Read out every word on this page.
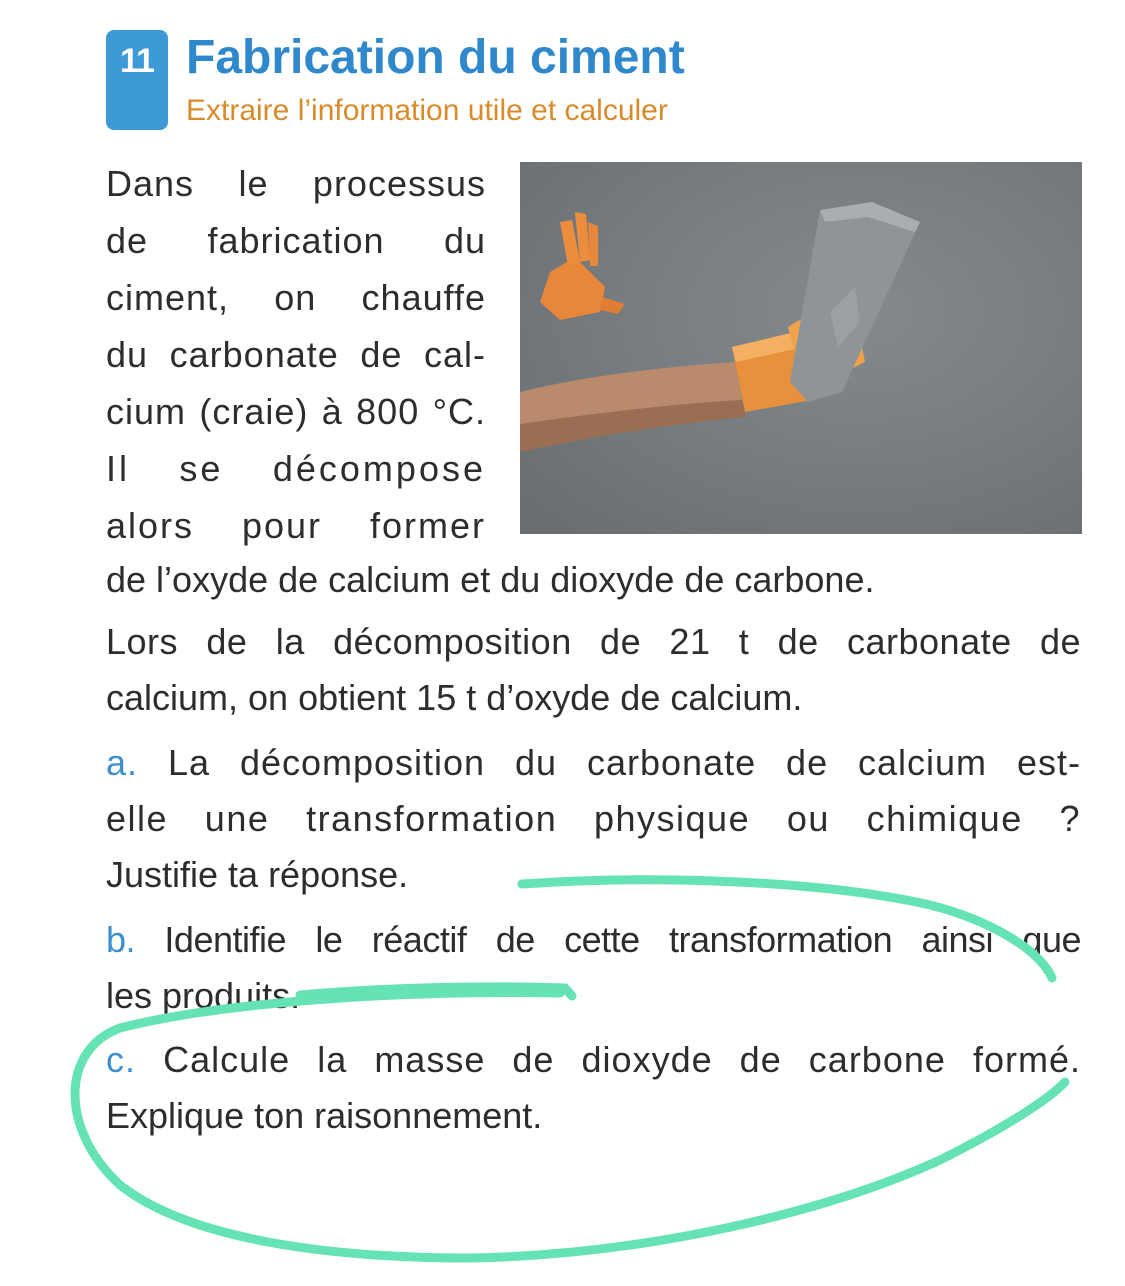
11 Fabrication du ciment
Extraire l’information utile et calculer
Dans le processus
de fabrication du
ciment, on chauffe
du carbonate de cal-
cium (craie) à 800 °C.
Il se décompose
alors pour former
de l’oxyde de calcium et du dioxyde de carbone.
Lors de la décomposition de 21 t de carbonate de
calcium, on obtient 15 t d’oxyde de calcium.
a. La décomposition du carbonate de calcium est-
elle une transformation physique ou chimique ?
Justifie ta réponse.
b. Identifie le réactif de cette transformation ainsi que
les produits.
c. Calcule la masse de dioxyde de carbone formé.
Explique ton raisonnement.
